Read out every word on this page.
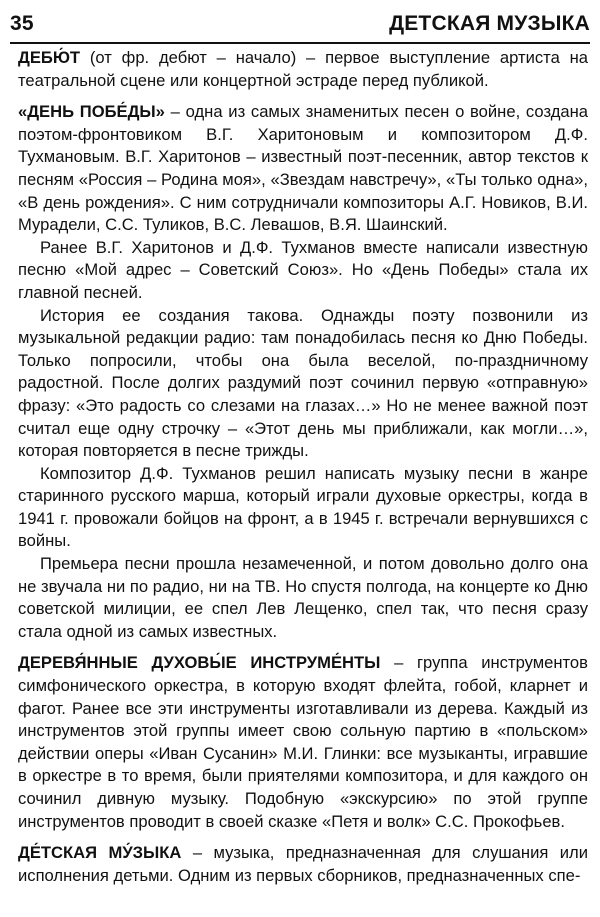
35	ДЕТСКАЯ МУЗЫКА

ДЕБЮ́Т (от фр. дебют – начало) – первое выступление артиста на театральной сцене или концертной эстраде перед публикой.

«ДЕНЬ ПОБЕ́ДЫ» – одна из самых знаменитых песен о войне, создана поэтом-фронтовиком В.Г. Харитоновым и композитором Д.Ф. Тухмановым. В.Г. Харитонов – известный поэт-песенник, автор текстов к песням «Россия – Родина моя», «Звездам навстречу», «Ты только одна», «В день рождения». С ним сотрудничали композиторы А.Г. Новиков, В.И. Мурадели, С.С. Туликов, В.С. Левашов, В.Я. Шаинский.

Ранее В.Г. Харитонов и Д.Ф. Тухманов вместе написали известную песню «Мой адрес – Советский Союз». Но «День Победы» стала их главной песней.

История ее создания такова. Однажды поэту позвонили из музыкальной редакции радио: там понадобилась песня ко Дню Победы. Только попросили, чтобы она была веселой, по-праздничному радостной. После долгих раздумий поэт сочинил первую «отправную» фразу: «Это радость со слезами на глазах…» Но не менее важной поэт считал еще одну строчку – «Этот день мы приближали, как могли…», которая повторяется в песне трижды.

Композитор Д.Ф. Тухманов решил написать музыку песни в жанре старинного русского марша, который играли духовые оркестры, когда в 1941 г. провожали бойцов на фронт, а в 1945 г. встречали вернувшихся с войны.

Премьера песни прошла незамеченной, и потом довольно долго она не звучала ни по радио, ни на ТВ. Но спустя полгода, на концерте ко Дню советской милиции, ее спел Лев Лещенко, спел так, что песня сразу стала одной из самых известных.

ДЕРЕВЯ́ННЫЕ ДУХОВЫ́Е ИНСТРУМЕ́НТЫ – группа инструментов симфонического оркестра, в которую входят флейта, гобой, кларнет и фагот. Ранее все эти инструменты изготавливали из дерева. Каждый из инструментов этой группы имеет свою сольную партию в «польском» действии оперы «Иван Сусанин» М.И. Глинки: все музыканты, игравшие в оркестре в то время, были приятелями композитора, и для каждого он сочинил дивную музыку. Подобную «экскурсию» по этой группе инструментов проводит в своей сказке «Петя и волк» С.С. Прокофьев.

ДЕ́ТСКАЯ МУ́ЗЫКА – музыка, предназначенная для слушания или исполнения детьми. Одним из первых сборников, предназначенных спе-
